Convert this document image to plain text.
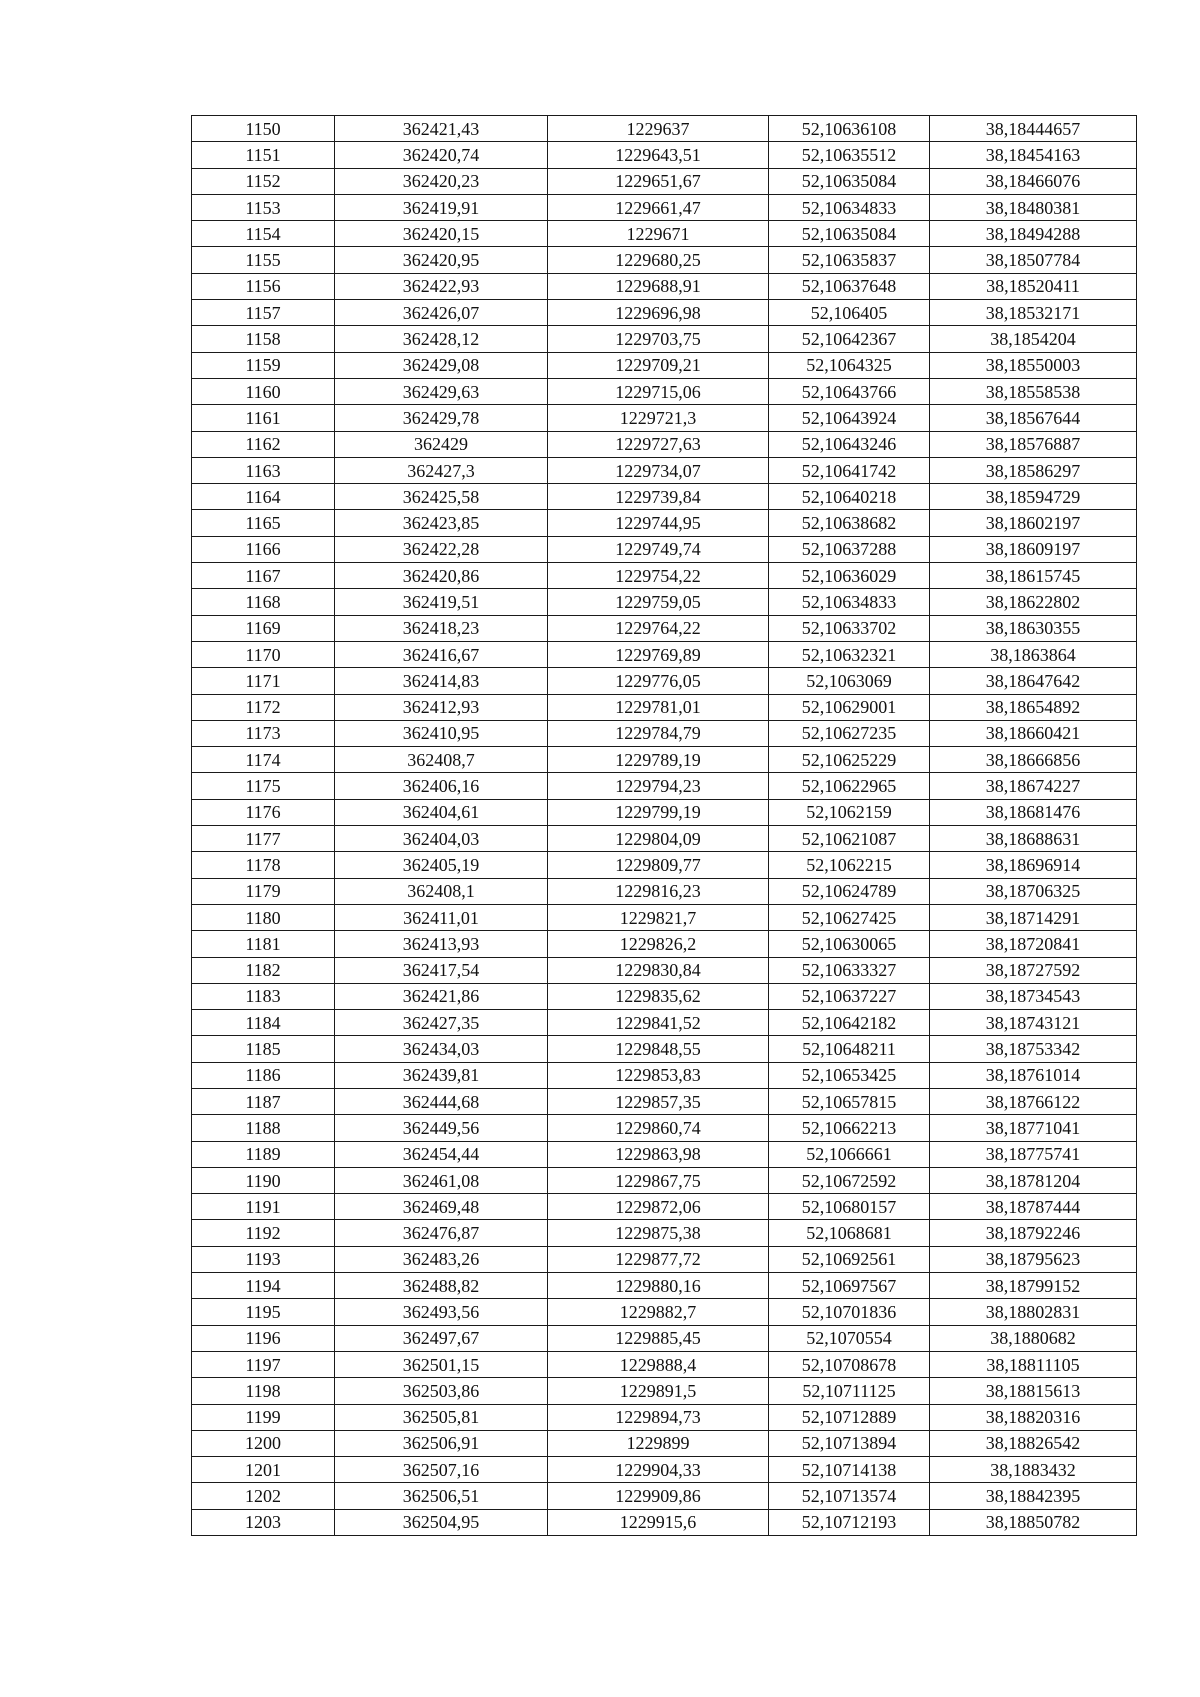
1150	362421,43	1229637	52,10636108	38,18444657
1151	362420,74	1229643,51	52,10635512	38,18454163
1152	362420,23	1229651,67	52,10635084	38,18466076
1153	362419,91	1229661,47	52,10634833	38,18480381
1154	362420,15	1229671	52,10635084	38,18494288
1155	362420,95	1229680,25	52,10635837	38,18507784
1156	362422,93	1229688,91	52,10637648	38,18520411
1157	362426,07	1229696,98	52,106405	38,18532171
1158	362428,12	1229703,75	52,10642367	38,1854204
1159	362429,08	1229709,21	52,1064325	38,18550003
1160	362429,63	1229715,06	52,10643766	38,18558538
1161	362429,78	1229721,3	52,10643924	38,18567644
1162	362429	1229727,63	52,10643246	38,18576887
1163	362427,3	1229734,07	52,10641742	38,18586297
1164	362425,58	1229739,84	52,10640218	38,18594729
1165	362423,85	1229744,95	52,10638682	38,18602197
1166	362422,28	1229749,74	52,10637288	38,18609197
1167	362420,86	1229754,22	52,10636029	38,18615745
1168	362419,51	1229759,05	52,10634833	38,18622802
1169	362418,23	1229764,22	52,10633702	38,18630355
1170	362416,67	1229769,89	52,10632321	38,1863864
1171	362414,83	1229776,05	52,1063069	38,18647642
1172	362412,93	1229781,01	52,10629001	38,18654892
1173	362410,95	1229784,79	52,10627235	38,18660421
1174	362408,7	1229789,19	52,10625229	38,18666856
1175	362406,16	1229794,23	52,10622965	38,18674227
1176	362404,61	1229799,19	52,1062159	38,18681476
1177	362404,03	1229804,09	52,10621087	38,18688631
1178	362405,19	1229809,77	52,1062215	38,18696914
1179	362408,1	1229816,23	52,10624789	38,18706325
1180	362411,01	1229821,7	52,10627425	38,18714291
1181	362413,93	1229826,2	52,10630065	38,18720841
1182	362417,54	1229830,84	52,10633327	38,18727592
1183	362421,86	1229835,62	52,10637227	38,18734543
1184	362427,35	1229841,52	52,10642182	38,18743121
1185	362434,03	1229848,55	52,10648211	38,18753342
1186	362439,81	1229853,83	52,10653425	38,18761014
1187	362444,68	1229857,35	52,10657815	38,18766122
1188	362449,56	1229860,74	52,10662213	38,18771041
1189	362454,44	1229863,98	52,1066661	38,18775741
1190	362461,08	1229867,75	52,10672592	38,18781204
1191	362469,48	1229872,06	52,10680157	38,18787444
1192	362476,87	1229875,38	52,1068681	38,18792246
1193	362483,26	1229877,72	52,10692561	38,18795623
1194	362488,82	1229880,16	52,10697567	38,18799152
1195	362493,56	1229882,7	52,10701836	38,18802831
1196	362497,67	1229885,45	52,1070554	38,1880682
1197	362501,15	1229888,4	52,10708678	38,18811105
1198	362503,86	1229891,5	52,10711125	38,18815613
1199	362505,81	1229894,73	52,10712889	38,18820316
1200	362506,91	1229899	52,10713894	38,18826542
1201	362507,16	1229904,33	52,10714138	38,1883432
1202	362506,51	1229909,86	52,10713574	38,18842395
1203	362504,95	1229915,6	52,10712193	38,18850782
